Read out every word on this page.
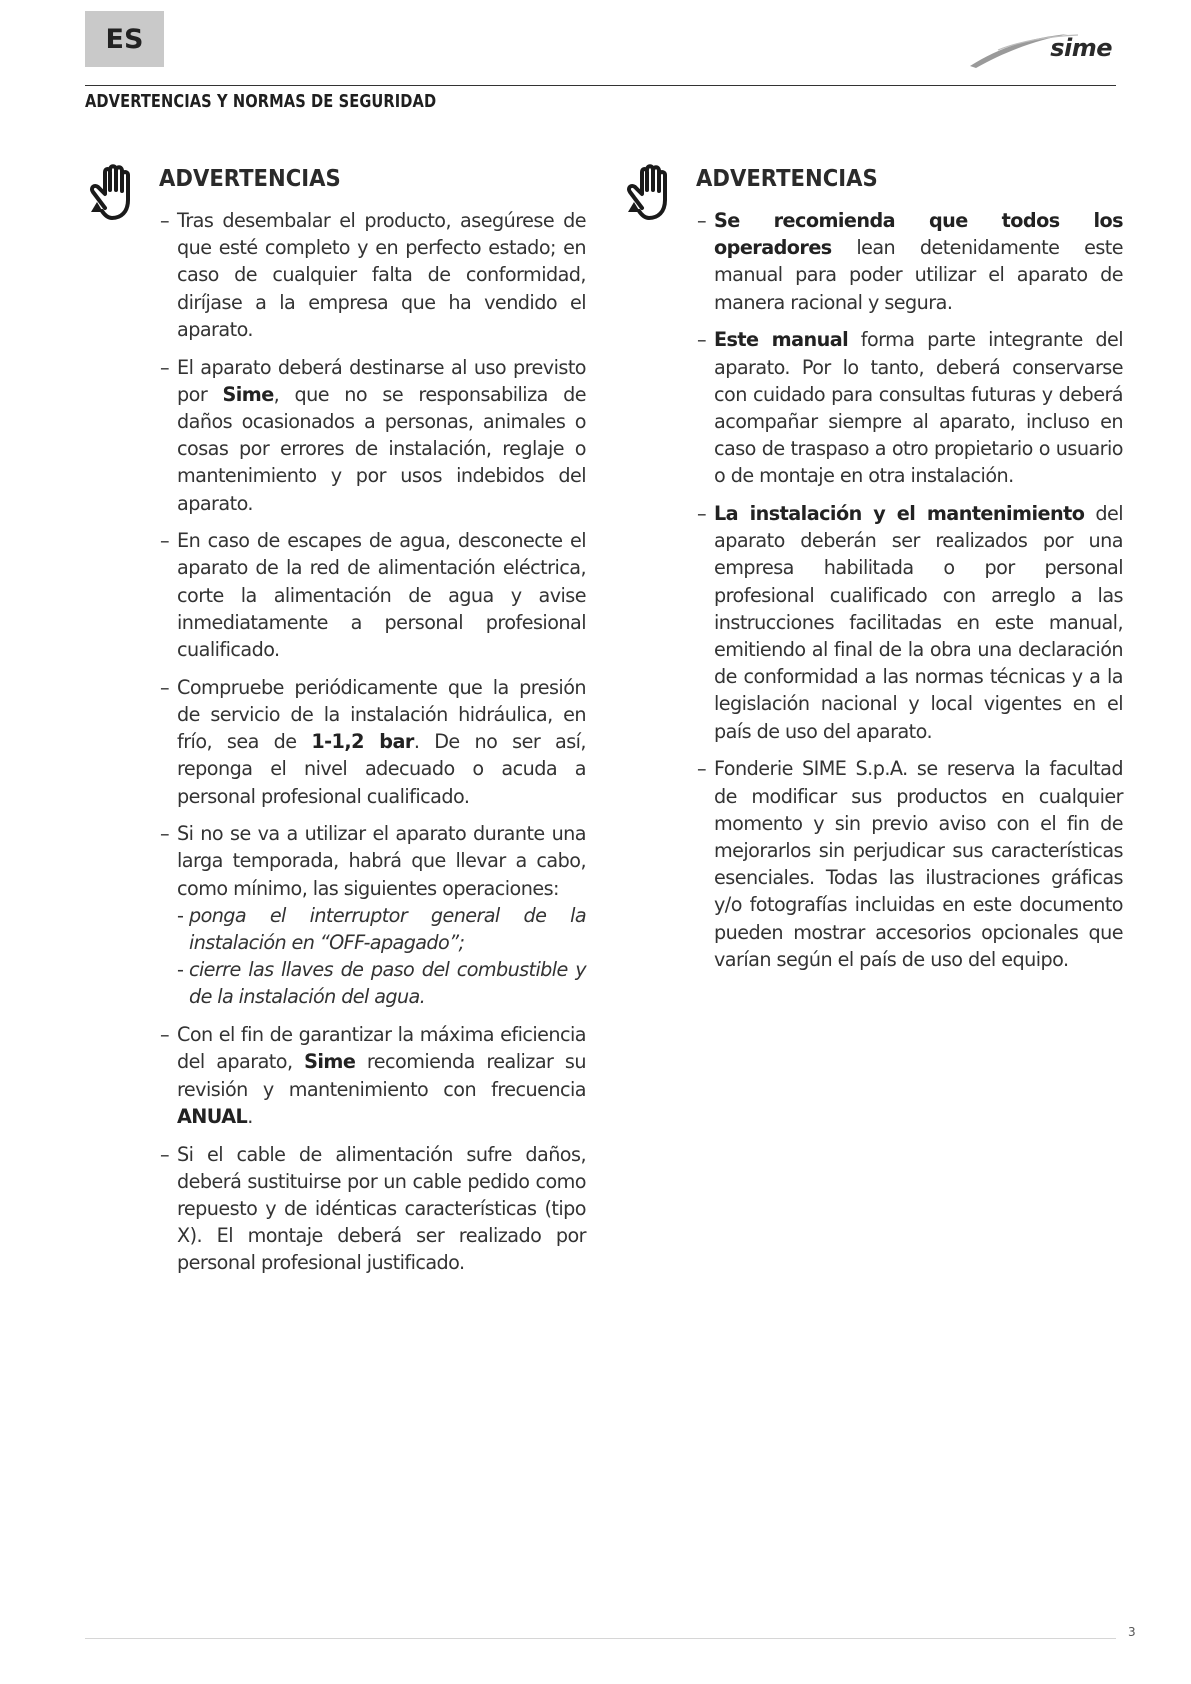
ES	sime
ADVERTENCIAS Y NORMAS DE SEGURIDAD
ADVERTENCIAS
– Tras desembalar el producto, asegúrese de que esté completo y en perfecto estado; en caso de cualquier falta de conformidad, diríjase a la empresa que ha vendido el aparato.
– El aparato deberá destinarse al uso previsto por Sime, que no se responsabiliza de daños ocasionados a personas, animales o cosas por errores de instalación, reglaje o mantenimiento y por usos indebidos del aparato.
– En caso de escapes de agua, desconecte el aparato de la red de alimentación eléctrica, corte la alimentación de agua y avise inmediatamente a personal profesional cualificado.
– Compruebe periódicamente que la presión de servicio de la instalación hidráulica, en frío, sea de 1-1,2 bar. De no ser así, reponga el nivel adecuado o acuda a personal profesional cualificado.
– Si no se va a utilizar el aparato durante una larga temporada, habrá que llevar a cabo, como mínimo, las siguientes operaciones:
- ponga el interruptor general de la instalación en “OFF-apagado”;
- cierre las llaves de paso del combustible y de la instalación del agua.
– Con el fin de garantizar la máxima eficiencia del aparato, Sime recomienda realizar su revisión y mantenimiento con frecuencia ANUAL.
– Si el cable de alimentación sufre daños, deberá sustituirse por un cable pedido como repuesto y de idénticas características (tipo X). El montaje deberá ser realizado por personal profesional justificado.
ADVERTENCIAS
– Se recomienda que todos los operadores lean detenidamente este manual para poder utilizar el aparato de manera racional y segura.
– Este manual forma parte integrante del aparato. Por lo tanto, deberá conservarse con cuidado para consultas futuras y deberá acompañar siempre al aparato, incluso en caso de traspaso a otro propietario o usuario o de montaje en otra instalación.
– La instalación y el mantenimiento del aparato deberán ser realizados por una empresa habilitada o por personal profesional cualificado con arreglo a las instrucciones facilitadas en este manual, emitiendo al final de la obra una declaración de conformidad a las normas técnicas y a la legislación nacional y local vigentes en el país de uso del aparato.
– Fonderie SIME S.p.A. se reserva la facultad de modificar sus productos en cualquier momento y sin previo aviso con el fin de mejorarlos sin perjudicar sus características esenciales. Todas las ilustraciones gráficas y/o fotografías incluidas en este documento pueden mostrar accesorios opcionales que varían según el país de uso del equipo.
3
